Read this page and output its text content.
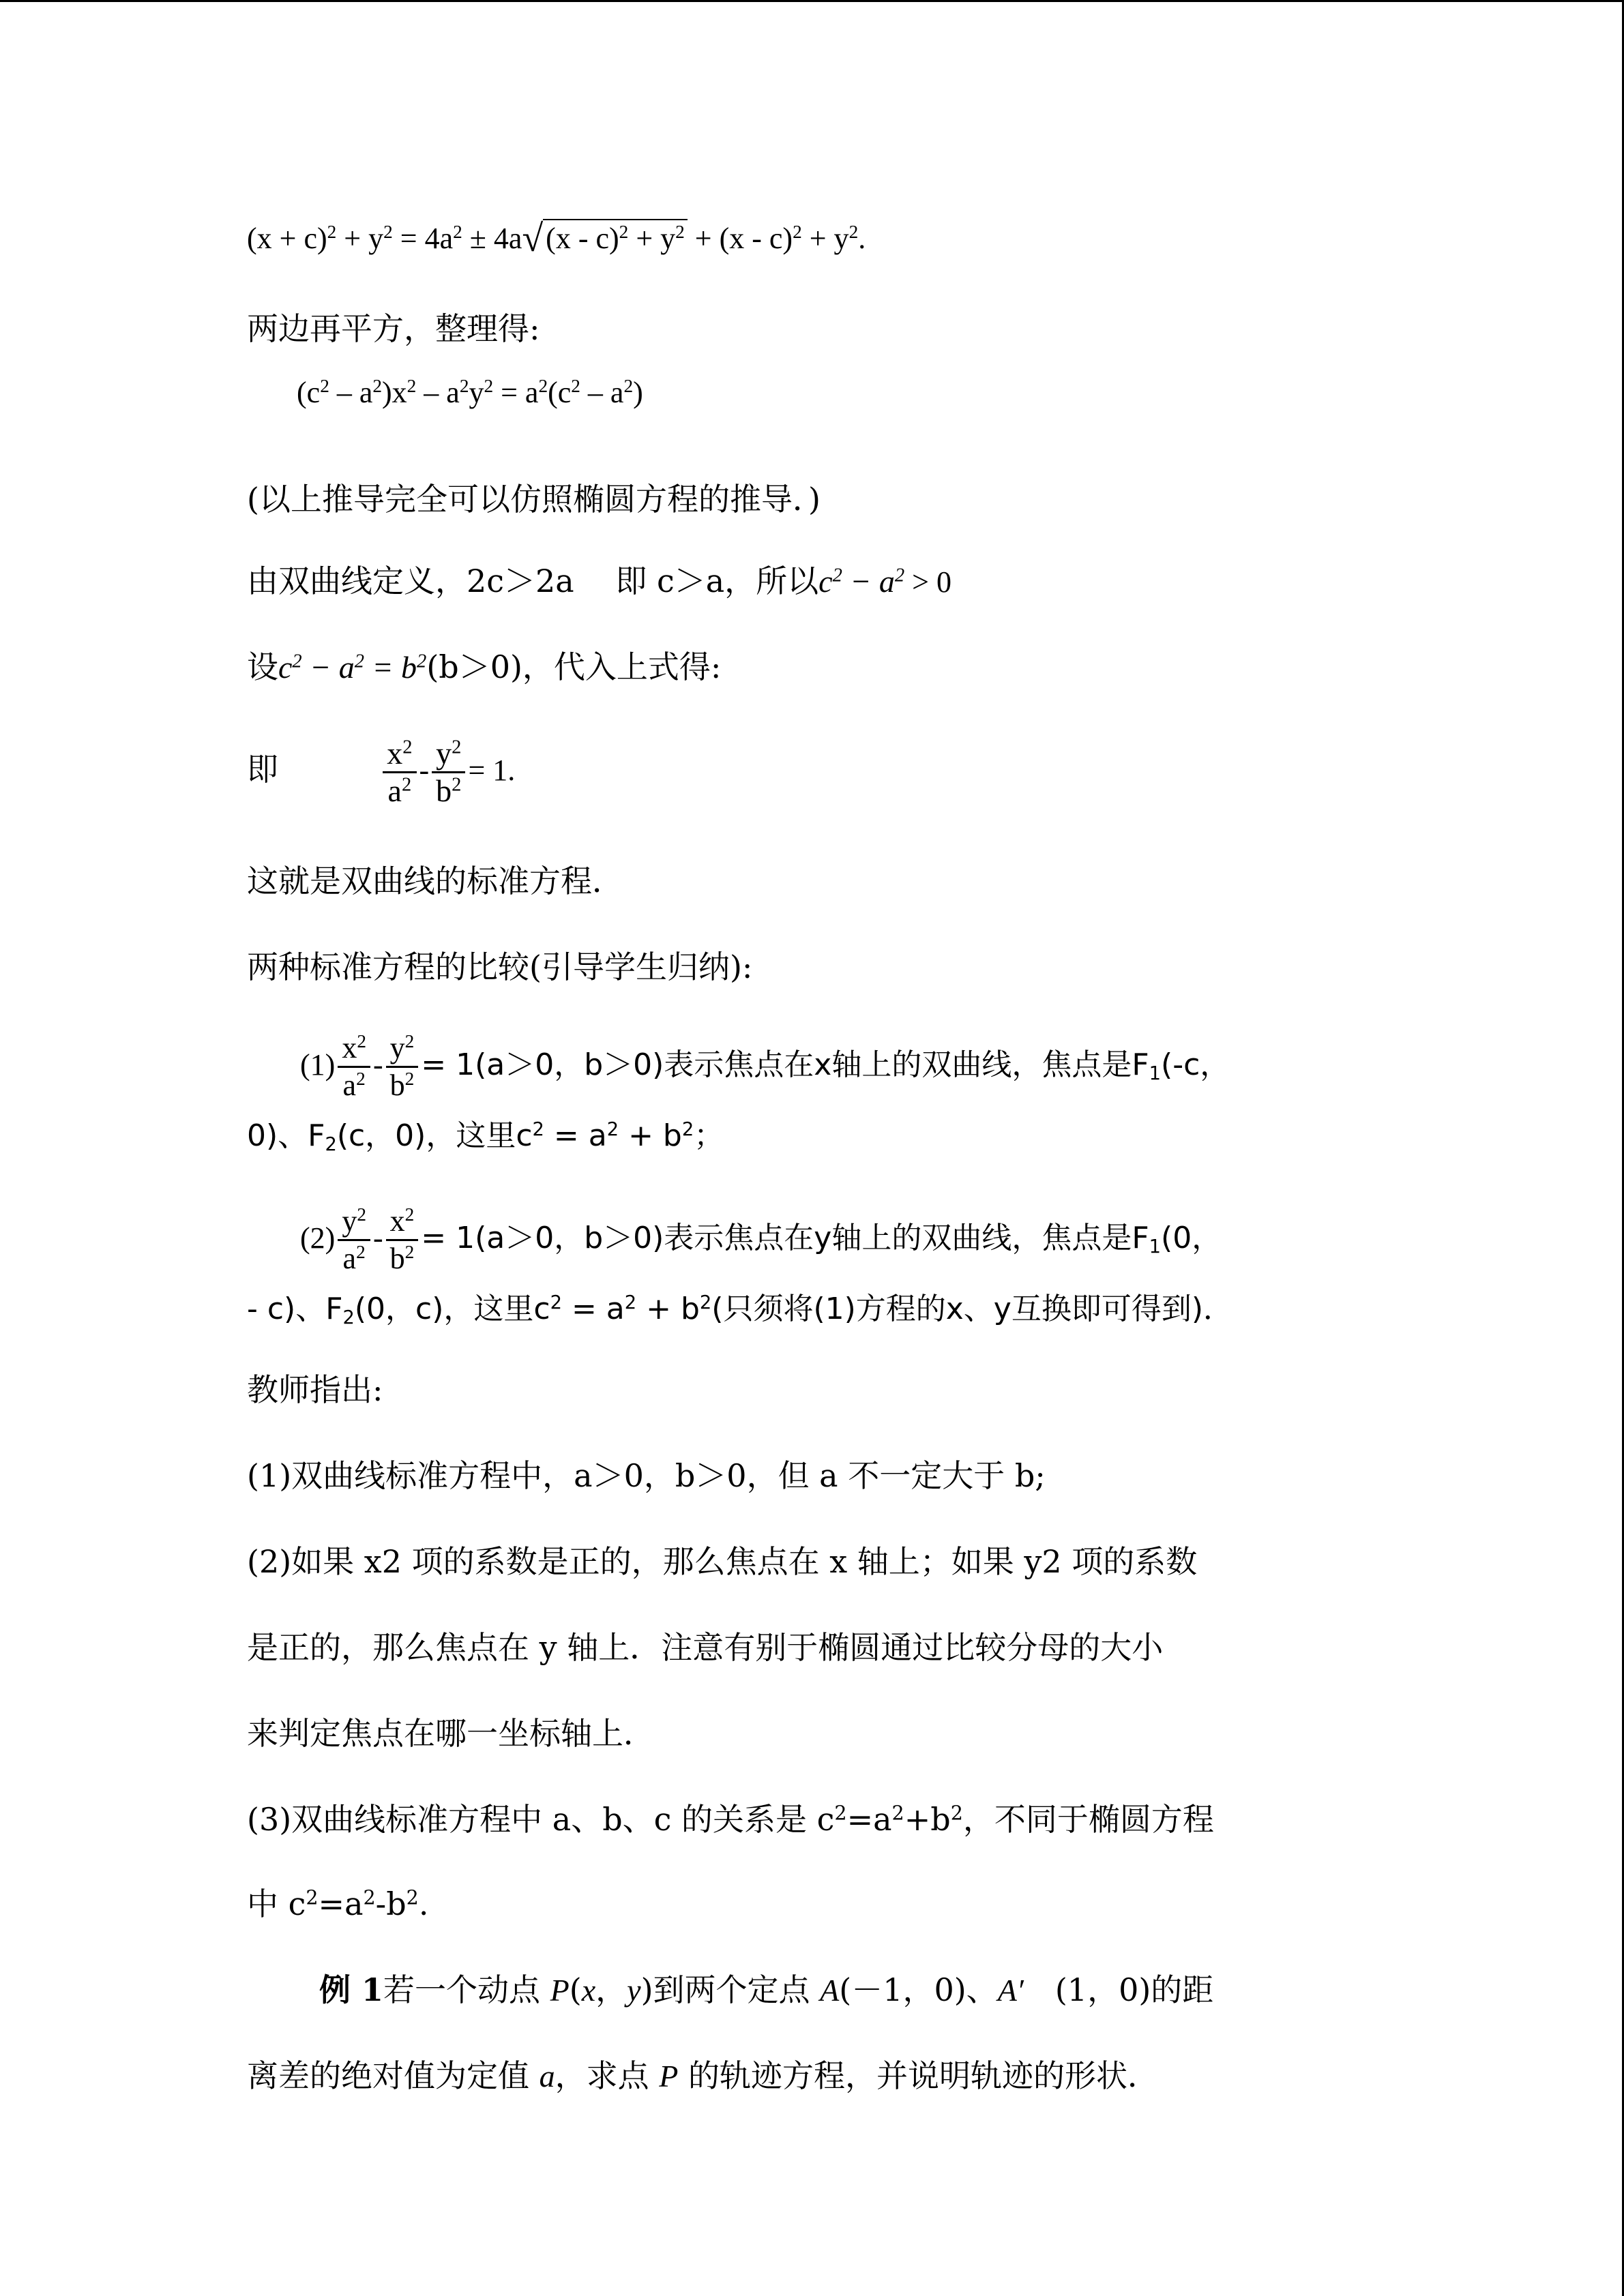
$(x + c)^2 + y^2 = 4a^2 \pm 4a√(x - c)^2 + y^2 + (x - c)^2 + y^2$.
两边再平方，整理得:
$(c^2 - a^2)x^2 - a^2y^2 = a^2(c^2 - a^2)$
(以上推导完全可以仿照椭圆方程的推导．)
由双曲线定义，2c＞2a　 即 c＞a，所以$c^2 - a^2 > 0$
设$c^2 - a^2 = b^2(b>0)$，代入上式得:
即	$\frac{x^2}{a^2} - \frac{y^2}{b^2} = 1$.
这就是双曲线的标准方程．
两种标准方程的比较(引导学生归纳):
$(1) \frac{x^2}{a^2} - \frac{y^2}{b^2} = 1(a>0$，b＞0)表示焦点在x轴上的双曲线，焦点是$F_1(-c$，
0)、$F_2(c$，0)，这里$c^2 = a^2 + b^2$；
$(2) \frac{y^2}{a^2} - \frac{x^2}{b^2} = 1(a>0$，b＞0)表示焦点在y轴上的双曲线，焦点是$F_1(0$，
- c)、$F_2(0$，c)，这里$c^2 = a^2 + b^2$(只须将(1)方程的x、y互换即可得到)．
教师指出:
(1)双曲线标准方程中，a＞0，b＞0，但 a 不一定大于 b;
(2)如果 x2 项的系数是正的，那么焦点在 x 轴上；如果 y2 项的系数
是正的，那么焦点在 y 轴上．注意有别于椭圆通过比较分母的大小
来判定焦点在哪一坐标轴上．
(3)双曲线标准方程中 a、b、c 的关系是 $c^2=a^2+b^2$，不同于椭圆方程
中 $c^2=a^2-b^2$.
例 1若一个动点 P(x，y)到两个定点 A(－1，0)、A′　(1，0)的距
离差的绝对值为定值 a，求点 P 的轨迹方程，并说明轨迹的形状．
